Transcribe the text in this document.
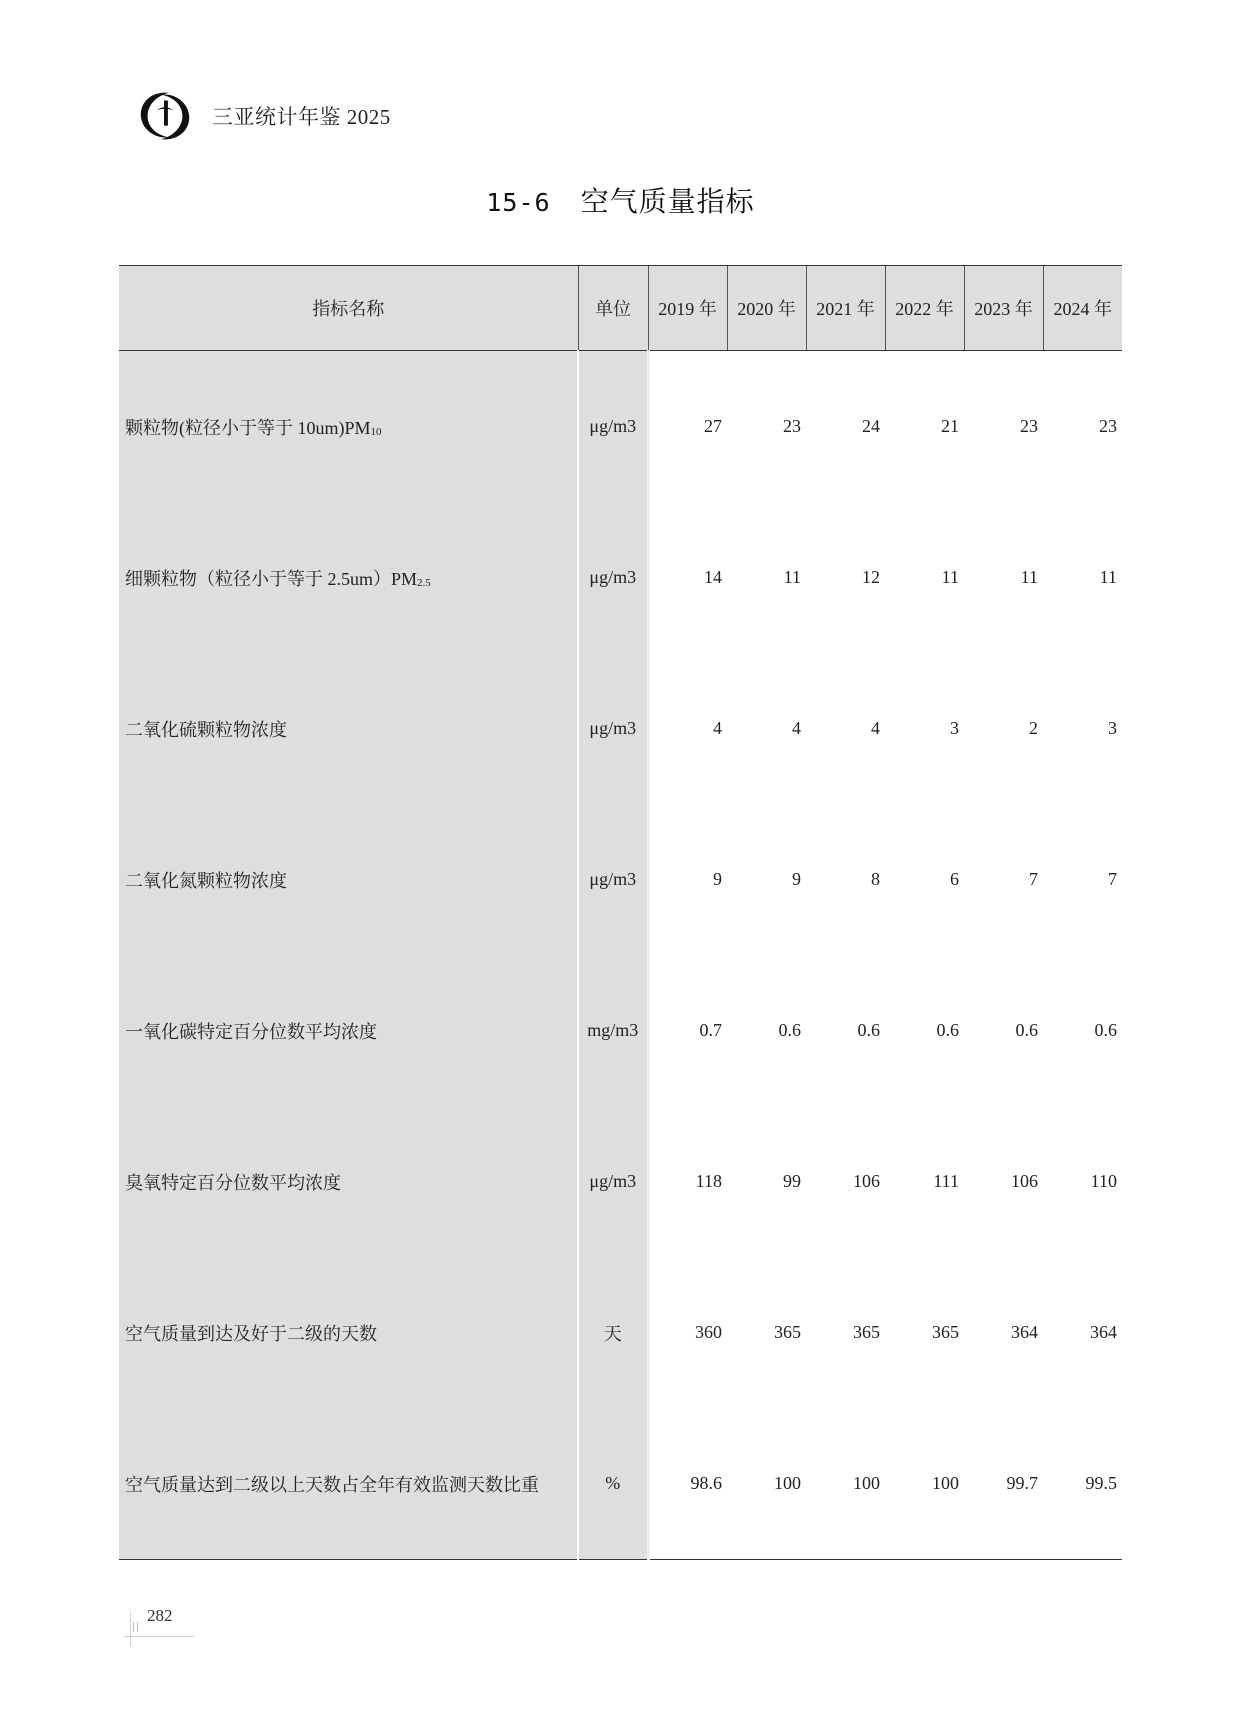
三亚统计年鉴 2025
15-6 空气质量指标
指标名称	单位	2019 年	2020 年	2021 年	2022 年	2023 年	2024 年
颗粒物(粒径小于等于 $10um)PM_{10}$	μg/m3	27	23	24	21	23	23
细颗粒物（粒径小于等于 $2.5um)PM_{2.5}$	μg/m3	14	11	12	11	11	11
二氧化硫颗粒物浓度	μg/m3	4	4	4	3	2	3
二氧化氮颗粒物浓度	μg/m3	9	9	8	6	7	7
一氧化碳特定百分位数平均浓度	mg/m3	0.7	0.6	0.6	0.6	0.6	0.6
臭氧特定百分位数平均浓度	μg/m3	118	99	106	111	106	110
空气质量到达及好于二级的天数	天	360	365	365	365	364	364
空气质量达到二级以上天数占全年有效监测天数比重	%	98.6	100	100	100	99.7	99.5
282
